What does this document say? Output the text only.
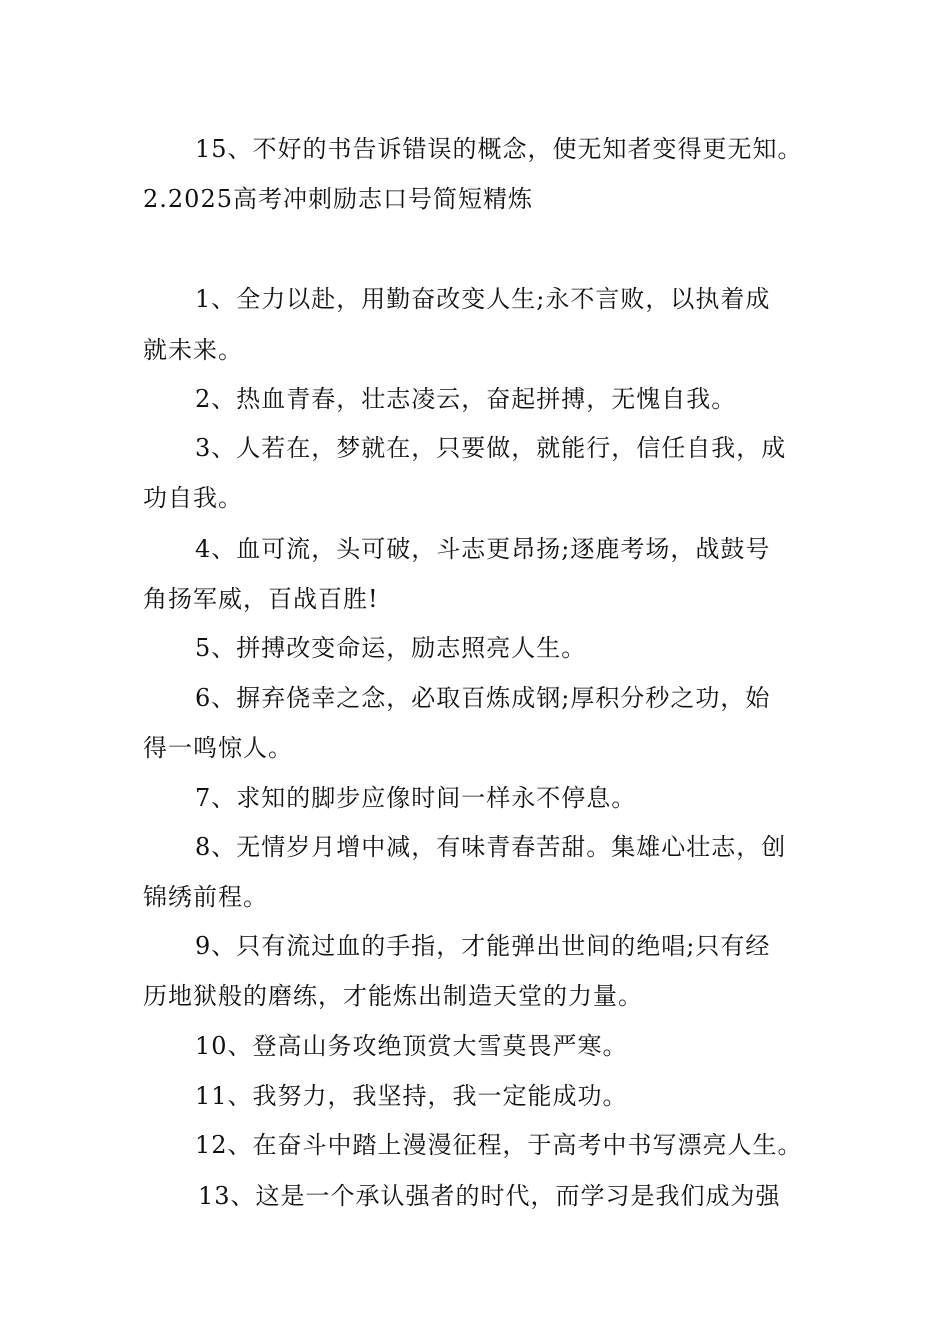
15、不好的书告诉错误的概念，使无知者变得更无知。
2.2025高考冲刺励志口号简短精炼
1、全力以赴，用勤奋改变人生;永不言败，以执着成
就未来。
2、热血青春，壮志凌云，奋起拼搏，无愧自我。
3、人若在，梦就在，只要做，就能行，信任自我，成
功自我。
4、血可流，头可破，斗志更昂扬;逐鹿考场，战鼓号
角扬军威，百战百胜!
5、拼搏改变命运，励志照亮人生。
6、摒弃侥幸之念，必取百炼成钢;厚积分秒之功，始
得一鸣惊人。
7、求知的脚步应像时间一样永不停息。
8、无情岁月增中减，有味青春苦甜。集雄心壮志，创
锦绣前程。
9、只有流过血的手指，才能弹出世间的绝唱;只有经
历地狱般的磨练，才能炼出制造天堂的力量。
10、登高山务攻绝顶赏大雪莫畏严寒。
11、我努力，我坚持，我一定能成功。
12、在奋斗中踏上漫漫征程，于高考中书写漂亮人生。
13、这是一个承认强者的时代，而学习是我们成为强
